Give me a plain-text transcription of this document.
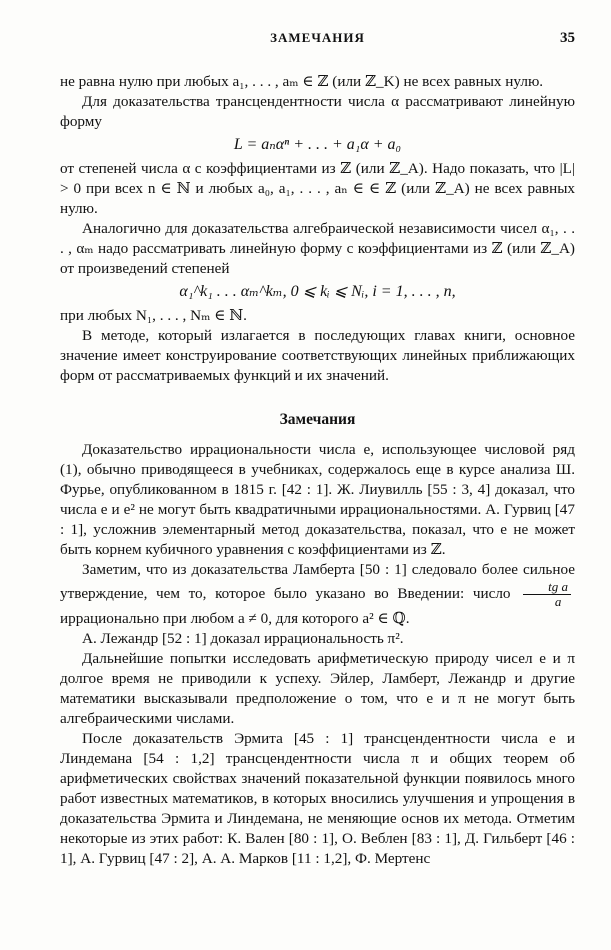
ЗАМЕЧАНИЯ	35

не равна нулю при любых a₁, . . . , aₘ ∈ ℤ (или ℤ_K) не всех равных нулю.

Для доказательства трансцендентности числа α рассматривают линейную форму

L = aₙαⁿ + . . . + a₁α + a₀

от степеней числа α с коэффициентами из ℤ (или ℤ_A). Надо показать, что |L| > 0 при всех n ∈ ℕ и любых a₀, a₁, . . . , aₙ ∈ ∈ ℤ (или ℤ_A) не всех равных нулю.

Аналогично для доказательства алгебраической независимости чисел α₁, . . . , αₘ надо рассматривать линейную форму с коэффициентами из ℤ (или ℤ_A) от произведений степеней

α₁^k₁ . . . αₘ^kₘ, 0 ⩽ kᵢ ⩽ Nᵢ, i = 1, . . . , n,

при любых N₁, . . . , Nₘ ∈ ℕ.

В методе, который излагается в последующих главах книги, основное значение имеет конструирование соответствующих линейных приближающих форм от рассматриваемых функций и их значений.

Замечания

Доказательство иррациональности числа e, использующее числовой ряд (1), обычно приводящееся в учебниках, содержалось еще в курсе анализа Ш. Фурье, опубликованном в 1815 г. [42 : 1]. Ж. Лиувилль [55 : 3, 4] доказал, что числа e и e² не могут быть квадратичными иррациональностями. А. Гурвиц [47 : 1], усложнив элементарный метод доказательства, показал, что e не может быть корнем кубичного уравнения с коэффициентами из ℤ.

Заметим, что из доказательства Ламберта [50 : 1] следовало более сильное утверждение, чем то, которое было указано во Введении: число $\frac{\text{tg a}}{a}$
иррационально при любом a ≠ 0, для которого a² ∈ ℚ.

А. Лежандр [52 : 1] доказал иррациональность π².

Дальнейшие попытки исследовать арифметическую природу чисел e и π долгое время не приводили к успеху. Эйлер, Ламберт, Лежандр и другие математики высказывали предположение о том, что e и π не могут быть алгебраическими числами.

После доказательств Эрмита [45 : 1] трансцендентности числа e и Линдемана [54 : 1,2] трансцендентности числа π и общих теорем об арифметических свойствах значений показательной функции появилось много работ известных математиков, в которых вносились улучшения и упрощения в доказательства Эрмита и Линдемана, не меняющие основ их метода. Отметим некоторые из этих работ: К. Вален [80 : 1], О. Веблен [83 : 1], Д. Гильберт [46 : 1], А. Гурвиц [47 : 2], А. А. Марков [11 : 1,2], Ф. Мертенс
